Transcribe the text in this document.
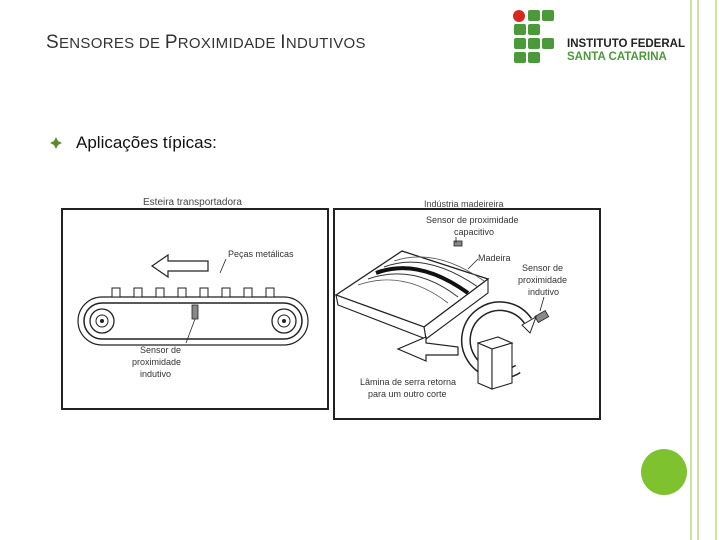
SENSORES DE PROXIMIDADE INDUTIVOS	INSTITUTO FEDERAL
SANTA CATARINA
Aplicações típicas:
Esteira transportadora
Peças metálicas
Sensor de
proximidade
indutivo
Indústria madeireira
Sensor de proximidade
capacitivo
Madeira
Sensor de
proximidade
indutivo
Lâmina de serra retorna
para um outro corte
